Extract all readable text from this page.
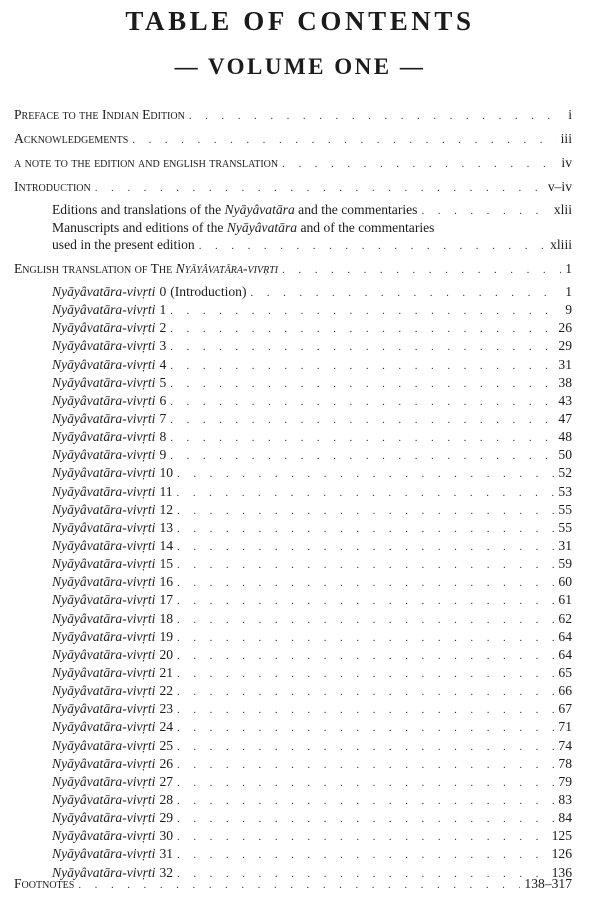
TABLE OF CONTENTS
— VOLUME ONE —
Preface to the Indian Edition . . .	i
Acknowledgements . . .	iii
a note to the edition and english translation . . .	iv
Introduction . . .	v–iv
Editions and translations of the Nyāyâvatāra and the commentaries . . .	xlii
Manuscripts and editions of the Nyāyâvatāra and of the commentaries
used in the present edition . . .	xliii
English translation of The Nyāyâvatāra-vivṛti . . .	1
Nyāyâvatāra-vivṛti 0 (Introduction) . . .	1
Nyāyâvatāra-vivṛti 1 . . .	9
Nyāyâvatāra-vivṛti 2 . . .	26
Nyāyâvatāra-vivṛti 3 . . .	29
Nyāyâvatāra-vivṛti 4 . . .	31
Nyāyâvatāra-vivṛti 5 . . .	38
Nyāyâvatāra-vivṛti 6 . . .	43
Nyāyâvatāra-vivṛti 7 . . .	47
Nyāyâvatāra-vivṛti 8 . . .	48
Nyāyâvatāra-vivṛti 9 . . .	50
Nyāyâvatāra-vivṛti 10 . . .	52
Nyāyâvatāra-vivṛti 11 . . .	53
Nyāyâvatāra-vivṛti 12 . . .	55
Nyāyâvatāra-vivṛti 13 . . .	55
Nyāyâvatāra-vivṛti 14 . . .	31
Nyāyâvatāra-vivṛti 15 . . .	59
Nyāyâvatāra-vivṛti 16 . . .	60
Nyāyâvatāra-vivṛti 17 . . .	61
Nyāyâvatāra-vivṛti 18 . . .	62
Nyāyâvatāra-vivṛti 19 . . .	64
Nyāyâvatāra-vivṛti 20 . . .	64
Nyāyâvatāra-vivṛti 21 . . .	65
Nyāyâvatāra-vivṛti 22 . . .	66
Nyāyâvatāra-vivṛti 23 . . .	67
Nyāyâvatāra-vivṛti 24 . . .	71
Nyāyâvatāra-vivṛti 25 . . .	74
Nyāyâvatāra-vivṛti 26 . . .	78
Nyāyâvatāra-vivṛti 27 . . .	79
Nyāyâvatāra-vivṛti 28 . . .	83
Nyāyâvatāra-vivṛti 29 . . .	84
Nyāyâvatāra-vivṛti 30 . . .	125
Nyāyâvatāra-vivṛti 31 . . .	126
Nyāyâvatāra-vivṛti 32 . . .	136
Footnotes . . .	138–317
